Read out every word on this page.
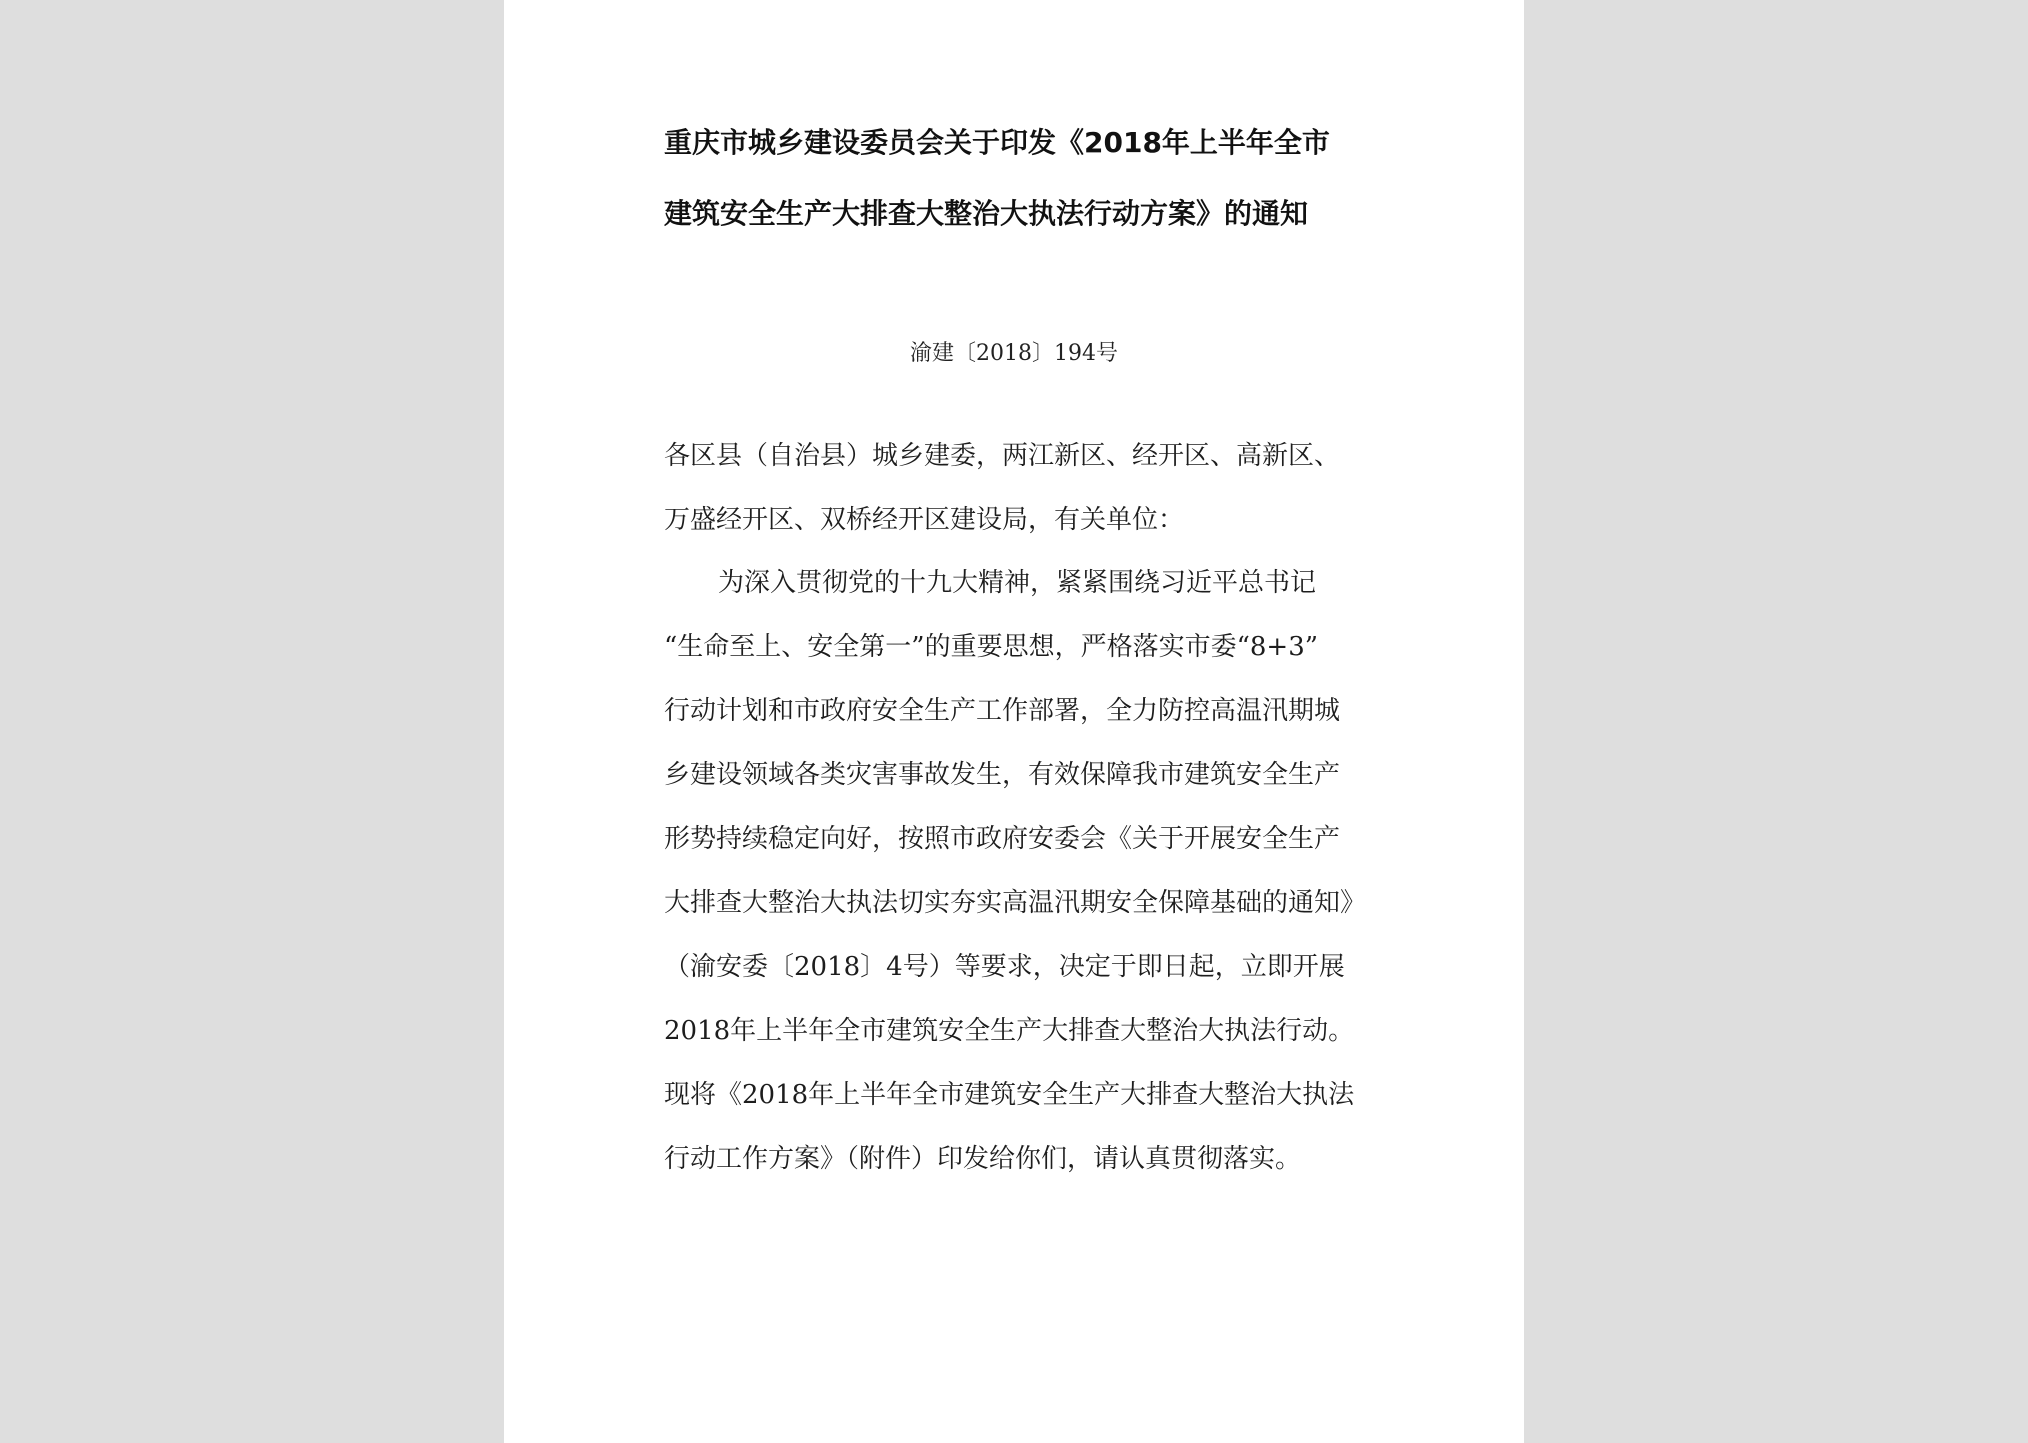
重庆市城乡建设委员会关于印发《2018年上半年全市
建筑安全生产大排查大整治大执法行动方案》的通知
渝建〔2018〕194号
各区县（自治县）城乡建委，两江新区、经开区、高新区、
万盛经开区、双桥经开区建设局，有关单位：
为深入贯彻党的十九大精神，紧紧围绕习近平总书记
“生命至上、安全第一”的重要思想，严格落实市委“8+3”
行动计划和市政府安全生产工作部署，全力防控高温汛期城
乡建设领域各类灾害事故发生，有效保障我市建筑安全生产
形势持续稳定向好，按照市政府安委会《关于开展安全生产
大排查大整治大执法切实夯实高温汛期安全保障基础的通知》
（渝安委〔2018〕4号）等要求，决定于即日起，立即开展
2018年上半年全市建筑安全生产大排查大整治大执法行动。
现将《2018年上半年全市建筑安全生产大排查大整治大执法
行动工作方案》（附件）印发给你们，请认真贯彻落实。
